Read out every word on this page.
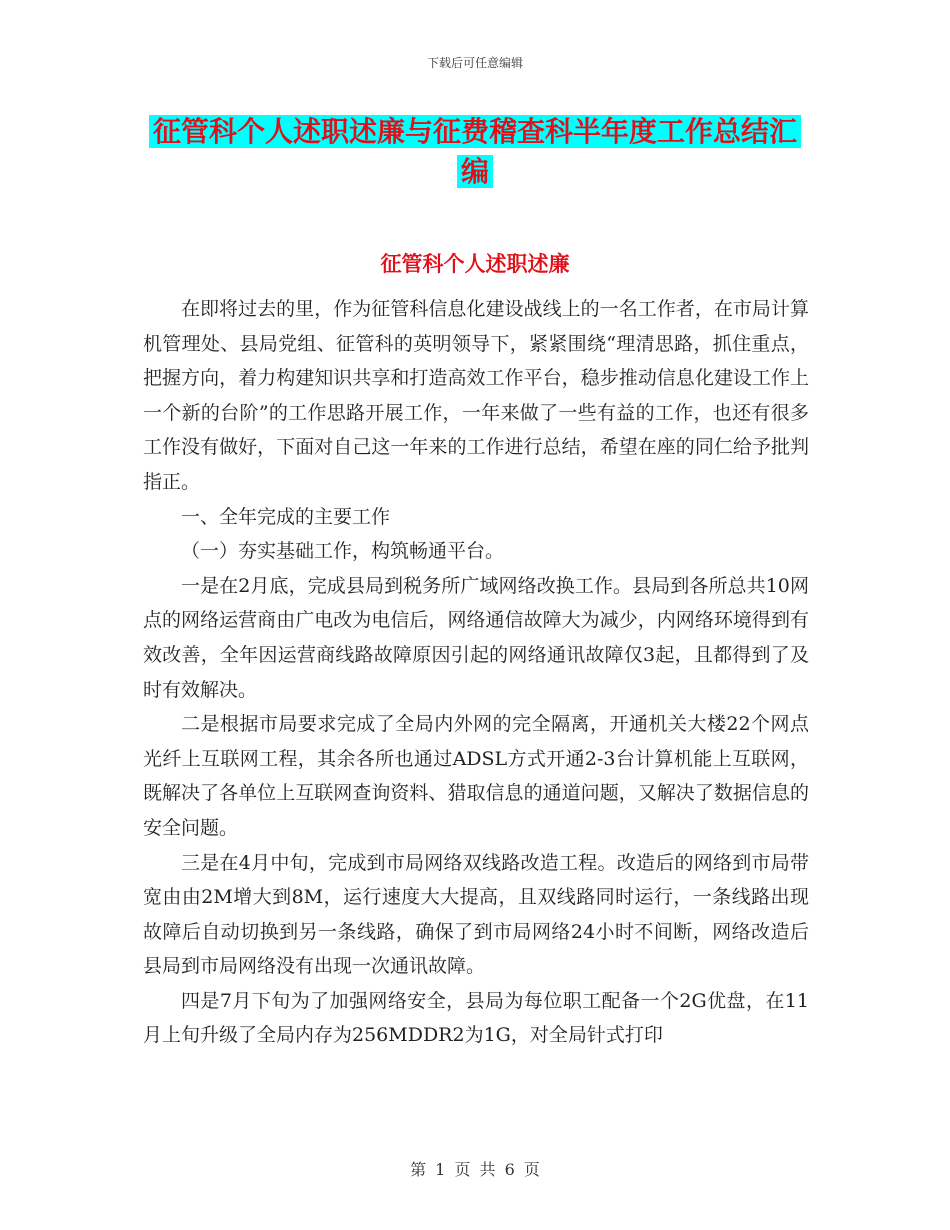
下载后可任意编辑
征管科个人述职述廉与征费稽查科半年度工作总结汇编
征管科个人述职述廉

在即将过去的里，作为征管科信息化建设战线上的一名工作者，在市局计算机管理处、县局党组、征管科的英明领导下，紧紧围绕“理清思路，抓住重点，把握方向，着力构建知识共享和打造高效工作平台，稳步推动信息化建设工作上一个新的台阶”的工作思路开展工作，一年来做了一些有益的工作，也还有很多工作没有做好，下面对自己这一年来的工作进行总结，希望在座的同仁给予批判指正。

一、全年完成的主要工作

（一）夯实基础工作，构筑畅通平台。

一是在2月底，完成县局到税务所广域网络改换工作。县局到各所总共10网点的网络运营商由广电改为电信后，网络通信故障大为减少，内网络环境得到有效改善，全年因运营商线路故障原因引起的网络通讯故障仅3起，且都得到了及时有效解决。

二是根据市局要求完成了全局内外网的完全隔离，开通机关大楼22个网点光纤上互联网工程，其余各所也通过ADSL方式开通2-3台计算机能上互联网，既解决了各单位上互联网查询资料、猎取信息的通道问题，又解决了数据信息的安全问题。

三是在4月中旬，完成到市局网络双线路改造工程。改造后的网络到市局带宽由由2M增大到8M，运行速度大大提高，且双线路同时运行，一条线路出现故障后自动切换到另一条线路，确保了到市局网络24小时不间断，网络改造后县局到市局网络没有出现一次通讯故障。

四是7月下旬为了加强网络安全，县局为每位职工配备一个2G优盘，在11月上旬升级了全局内存为256MDDR2为1G，对全局针式打印

第 1 页 共 6 页
